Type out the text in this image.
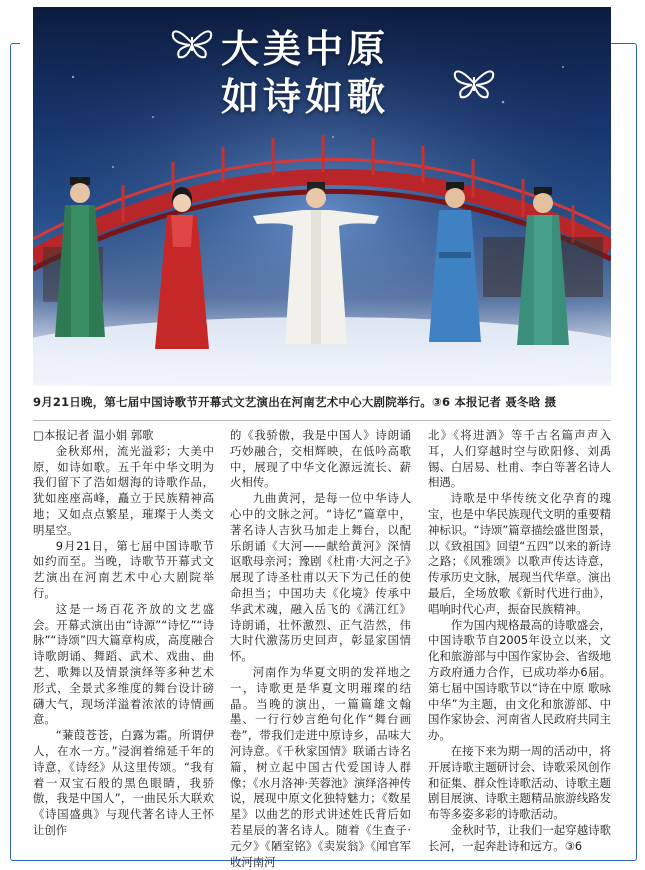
大美中原
如诗如歌
9月21日晚，第七届中国诗歌节开幕式文艺演出在河南艺术中心大剧院举行。③6 本报记者 聂冬晗 摄

□本报记者 温小娟 郭歌

金秋郑州，流光溢彩；大美中原，如诗如歌。五千年中华文明为我们留下了浩如烟海的诗歌作品，犹如座座高峰，矗立于民族精神高地；又如点点繁星，璀璨于人类文明星空。

9月21日，第七届中国诗歌节如约而至。当晚，诗歌节开幕式文艺演出在河南艺术中心大剧院举行。

这是一场百花齐放的文艺盛会。开幕式演出由“诗源”“诗忆”“诗脉”“诗颂”四大篇章构成，高度融合诗歌朗诵、舞蹈、武术、戏曲、曲艺、歌舞以及情景演绎等多种艺术形式，全景式多维度的舞台设计磅礴大气，现场洋溢着浓浓的诗情画意。

“蒹葭苍苍，白露为霜。所谓伊人，在水一方。”浸润着绵延千年的诗意，《诗经》从这里传颂。“我有着一双宝石般的黑色眼睛，我骄傲，我是中国人”，一曲民乐大联欢《诗国盛典》与现代著名诗人王怀让创作

的《我骄傲，我是中国人》诗朗诵巧妙融合，交相辉映，在低吟高歌中，展现了中华文化源远流长、薪火相传。

九曲黄河，是每一位中华诗人心中的文脉之河。“诗忆”篇章中，著名诗人吉狄马加走上舞台，以配乐朗诵《大河——献给黄河》深情讴歌母亲河；豫剧《杜甫·大河之子》展现了诗圣杜甫以天下为己任的使命担当；中国功夫《化境》传承中华武术魂，融入岳飞的《满江红》诗朗诵，壮怀激烈、正气浩然，伟大时代激荡历史回声，彰显家国情怀。

河南作为华夏文明的发祥地之一，诗歌更是华夏文明璀璨的结晶。当晚的演出，一篇篇雄文翰墨、一行行妙言绝句化作“舞台画卷”，带我们走进中原诗乡，品味大河诗意。《千秋家国情》联诵古诗名篇，树立起中国古代爱国诗人群像；《水月洛神·芙蓉池》演绎洛神传说，展现中原文化独特魅力；《数星星》以曲艺的形式讲述姓氏背后如若星辰的著名诗人。随着《生查子·元夕》《陋室铭》《卖炭翁》《闻官军收河南河

北》《将进酒》等千古名篇声声入耳，人们穿越时空与欧阳修、刘禹锡、白居易、杜甫、李白等著名诗人相遇。

诗歌是中华传统文化孕育的瑰宝，也是中华民族现代文明的重要精神标识。“诗颂”篇章描绘盛世图景，以《致祖国》回望“五四”以来的新诗之路；《风雅颂》以歌声传达诗意，传承历史文脉，展现当代华章。演出最后，全场放歌《新时代进行曲》，唱响时代心声，振奋民族精神。

作为国内规格最高的诗歌盛会，中国诗歌节自2005年设立以来，文化和旅游部与中国作家协会、省级地方政府通力合作，已成功举办6届。第七届中国诗歌节以“诗在中原 歌咏中华”为主题，由文化和旅游部、中国作家协会、河南省人民政府共同主办。

在接下来为期一周的活动中，将开展诗歌主题研讨会、诗歌采风创作和征集、群众性诗歌活动、诗歌主题剧目展演、诗歌主题精品旅游线路发布等多姿多彩的诗歌活动。

金秋时节，让我们一起穿越诗歌长河，一起奔赴诗和远方。③6
